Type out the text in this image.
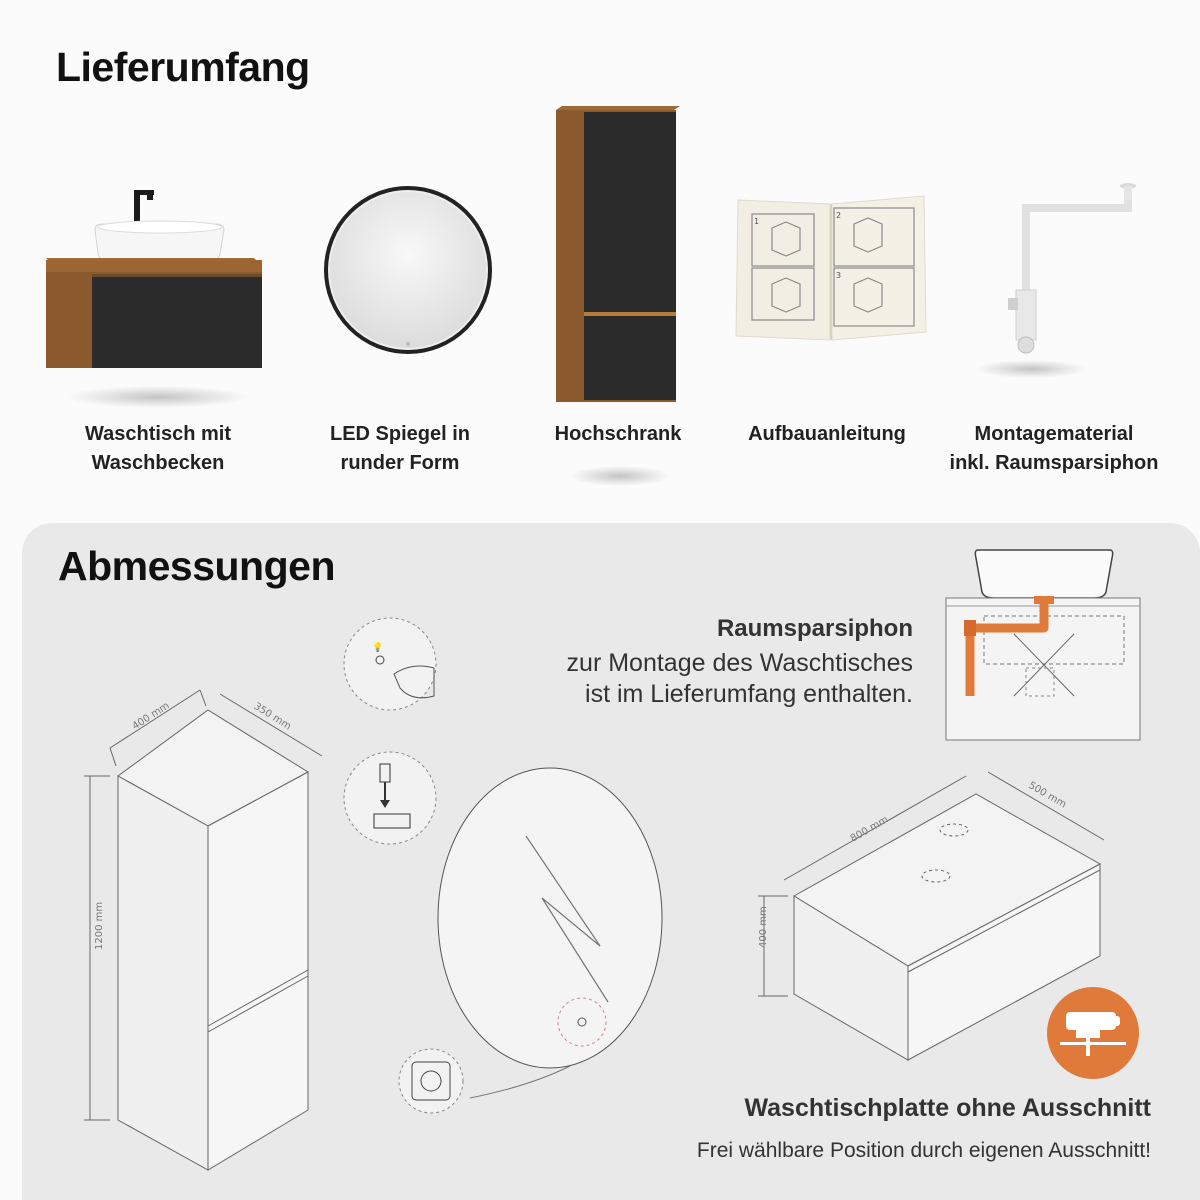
Lieferumfang
Waschtisch mit
Waschbecken
LED Spiegel in
runder Form
Hochschrank
1
2
3
Aufbauanleitung	Montagematerial
inkl. Raumsparsiphon
Abmessungen
Raumsparsiphon
zur Montage des Waschtisches
ist im Lieferumfang enthalten.
400 mm	350 mm
1200 mm
💡
800 mm
500 mm
400 mm
Waschtischplatte ohne Ausschnitt
Frei wählbare Position durch eigenen Ausschnitt!
